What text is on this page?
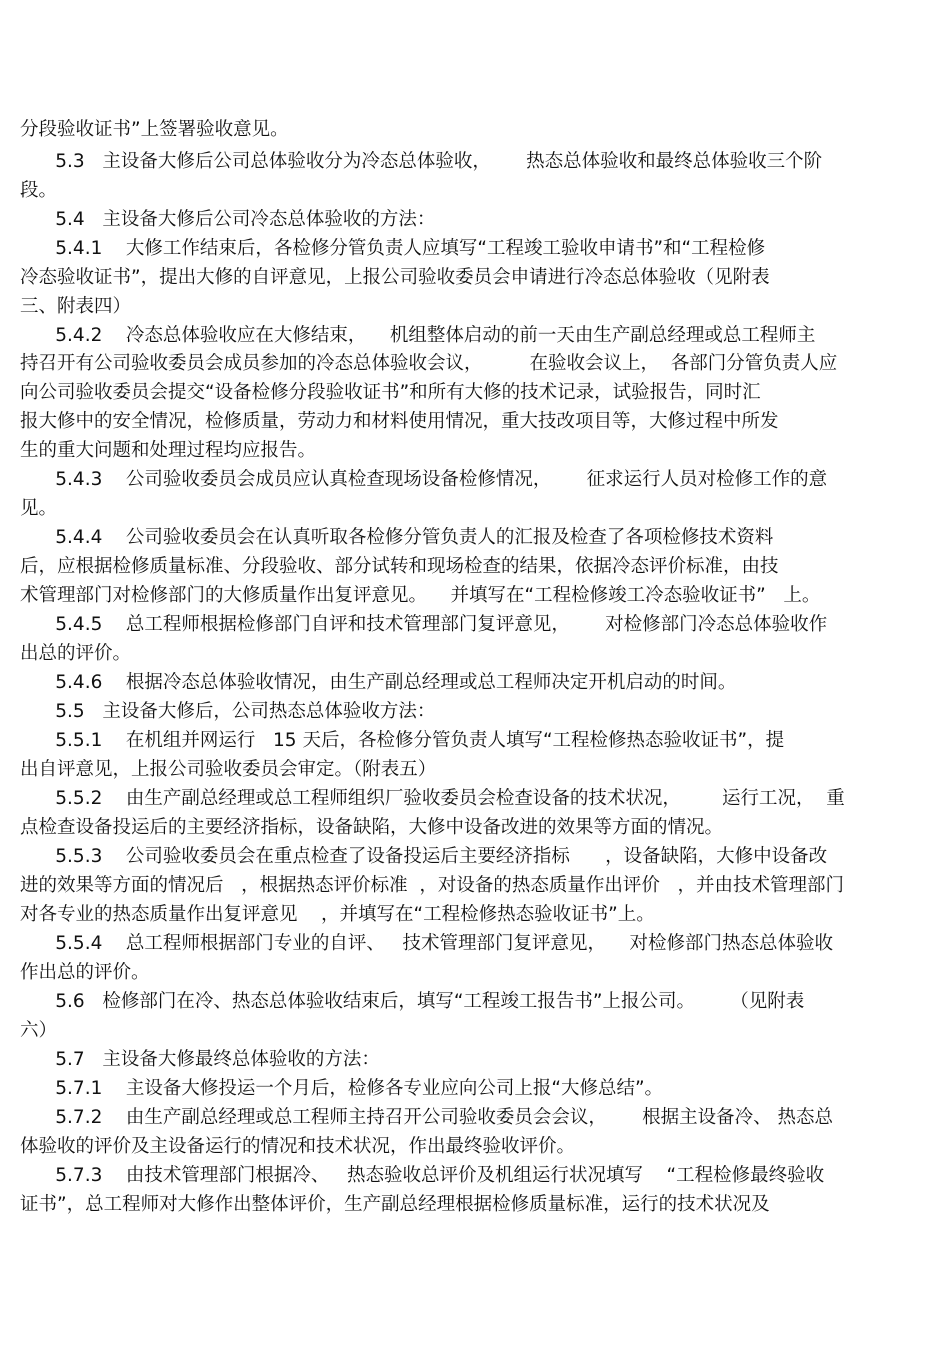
分段验收证书”上签署验收意见。
5.3   主设备大修后公司总体验收分为冷态总体验收，      热态总体验收和最终总体验收三个阶
段。
5.4   主设备大修后公司冷态总体验收的方法：
5.4.1    大修工作结束后，各检修分管负责人应填写“工程竣工验收申请书”和“工程检修
冷态验收证书”，提出大修的自评意见，上报公司验收委员会申请进行冷态总体验收（见附表
三、附表四）
5.4.2    冷态总体验收应在大修结束，    机组整体启动的前一天由生产副总经理或总工程师主
持召开有公司验收委员会成员参加的冷态总体验收会议，        在验收会议上，  各部门分管负责人应
向公司验收委员会提交“设备检修分段验收证书”和所有大修的技术记录，试验报告，同时汇
报大修中的安全情况，检修质量，劳动力和材料使用情况，重大技改项目等，大修过程中所发
生的重大问题和处理过程均应报告。
5.4.3    公司验收委员会成员应认真检查现场设备检修情况，      征求运行人员对检修工作的意
见。
5.4.4    公司验收委员会在认真听取各检修分管负责人的汇报及检查了各项检修技术资料
后，应根据检修质量标准、分段验收、部分试转和现场检查的结果，依据冷态评价标准，由技
术管理部门对检修部门的大修质量作出复评意见。    并填写在“工程检修竣工冷态验收证书”   上。
5.4.5    总工程师根据检修部门自评和技术管理部门复评意见，      对检修部门冷态总体验收作
出总的评价。
5.4.6    根据冷态总体验收情况，由生产副总经理或总工程师决定开机启动的时间。
5.5   主设备大修后，公司热态总体验收方法：
5.5.1    在机组并网运行   15 天后，各检修分管负责人填写“工程检修热态验收证书”，提
出自评意见，上报公司验收委员会审定。（附表五）
5.5.2    由生产副总经理或总工程师组织厂验收委员会检查设备的技术状况，       运行工况，  重
点检查设备投运后的主要经济指标，设备缺陷，大修中设备改进的效果等方面的情况。
5.5.3    公司验收委员会在重点检查了设备投运后主要经济指标      ，设备缺陷，大修中设备改
进的效果等方面的情况后   ，根据热态评价标准  ，对设备的热态质量作出评价   ，并由技术管理部门
对各专业的热态质量作出复评意见    ，并填写在“工程检修热态验收证书”上。
5.5.4    总工程师根据部门专业的自评、   技术管理部门复评意见，    对检修部门热态总体验收
作出总的评价。
5.6   检修部门在冷、热态总体验收结束后，填写“工程竣工报告书”上报公司。      （见附表
六）
5.7   主设备大修最终总体验收的方法：
5.7.1    主设备大修投运一个月后，检修各专业应向公司上报“大修总结”。
5.7.2    由生产副总经理或总工程师主持召开公司验收委员会会议，      根据主设备冷、 热态总
体验收的评价及主设备运行的情况和技术状况，作出最终验收评价。
5.7.3    由技术管理部门根据冷、   热态验收总评价及机组运行状况填写    “工程检修最终验收
证书”，总工程师对大修作出整体评价，生产副总经理根据检修质量标准，运行的技术状况及
